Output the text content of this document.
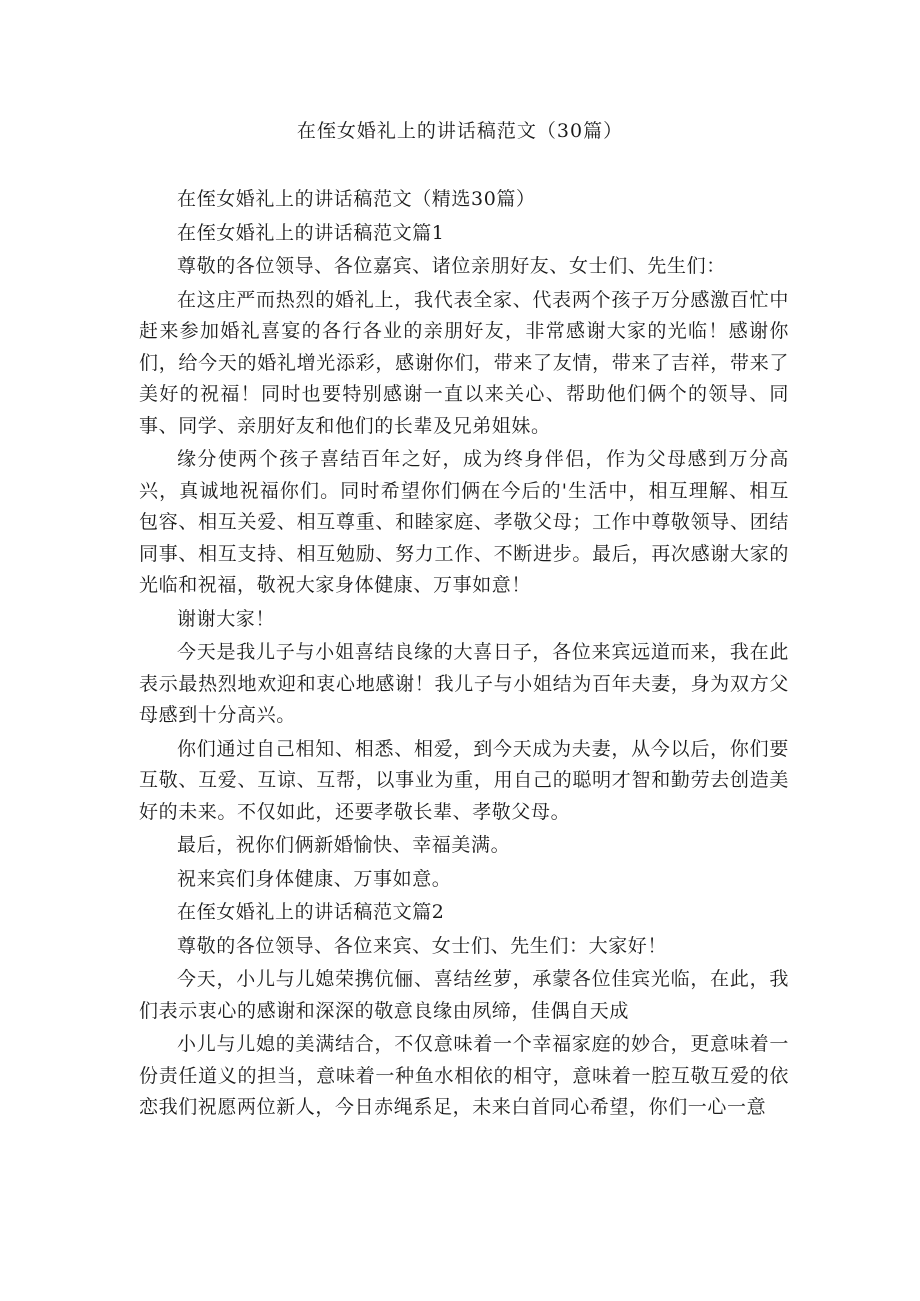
在侄女婚礼上的讲话稿范文（30篇）

在侄女婚礼上的讲话稿范文（精选30篇）

在侄女婚礼上的讲话稿范文篇1

尊敬的各位领导、各位嘉宾、诸位亲朋好友、女士们、先生们：

在这庄严而热烈的婚礼上，我代表全家、代表两个孩子万分感激百忙中赶来参加婚礼喜宴的各行各业的亲朋好友，非常感谢大家的光临！感谢你们，给今天的婚礼增光添彩，感谢你们，带来了友情，带来了吉祥，带来了美好的祝福！同时也要特别感谢一直以来关心、帮助他们俩个的领导、同事、同学、亲朋好友和他们的长辈及兄弟姐妹。

缘分使两个孩子喜结百年之好，成为终身伴侣，作为父母感到万分高兴，真诚地祝福你们。同时希望你们俩在今后的'生活中，相互理解、相互包容、相互关爱、相互尊重、和睦家庭、孝敬父母；工作中尊敬领导、团结同事、相互支持、相互勉励、努力工作、不断进步。最后，再次感谢大家的光临和祝福，敬祝大家身体健康、万事如意！

谢谢大家！

今天是我儿子与小姐喜结良缘的大喜日子，各位来宾远道而来，我在此表示最热烈地欢迎和衷心地感谢！我儿子与小姐结为百年夫妻，身为双方父母感到十分高兴。

你们通过自己相知、相悉、相爱，到今天成为夫妻，从今以后，你们要互敬、互爱、互谅、互帮，以事业为重，用自己的聪明才智和勤劳去创造美好的未来。不仅如此，还要孝敬长辈、孝敬父母。

最后，祝你们俩新婚愉快、幸福美满。

祝来宾们身体健康、万事如意。

在侄女婚礼上的讲话稿范文篇2

尊敬的各位领导、各位来宾、女士们、先生们：大家好！

今天，小儿与儿媳荣携伉俪、喜结丝萝，承蒙各位佳宾光临，在此，我们表示衷心的感谢和深深的敬意良缘由夙缔，佳偶自天成

小儿与儿媳的美满结合，不仅意味着一个幸福家庭的妙合，更意味着一份责任道义的担当，意味着一种鱼水相依的相守，意味着一腔互敬互爱的依恋我们祝愿两位新人，今日赤绳系足，未来白首同心希望，你们一心一意
